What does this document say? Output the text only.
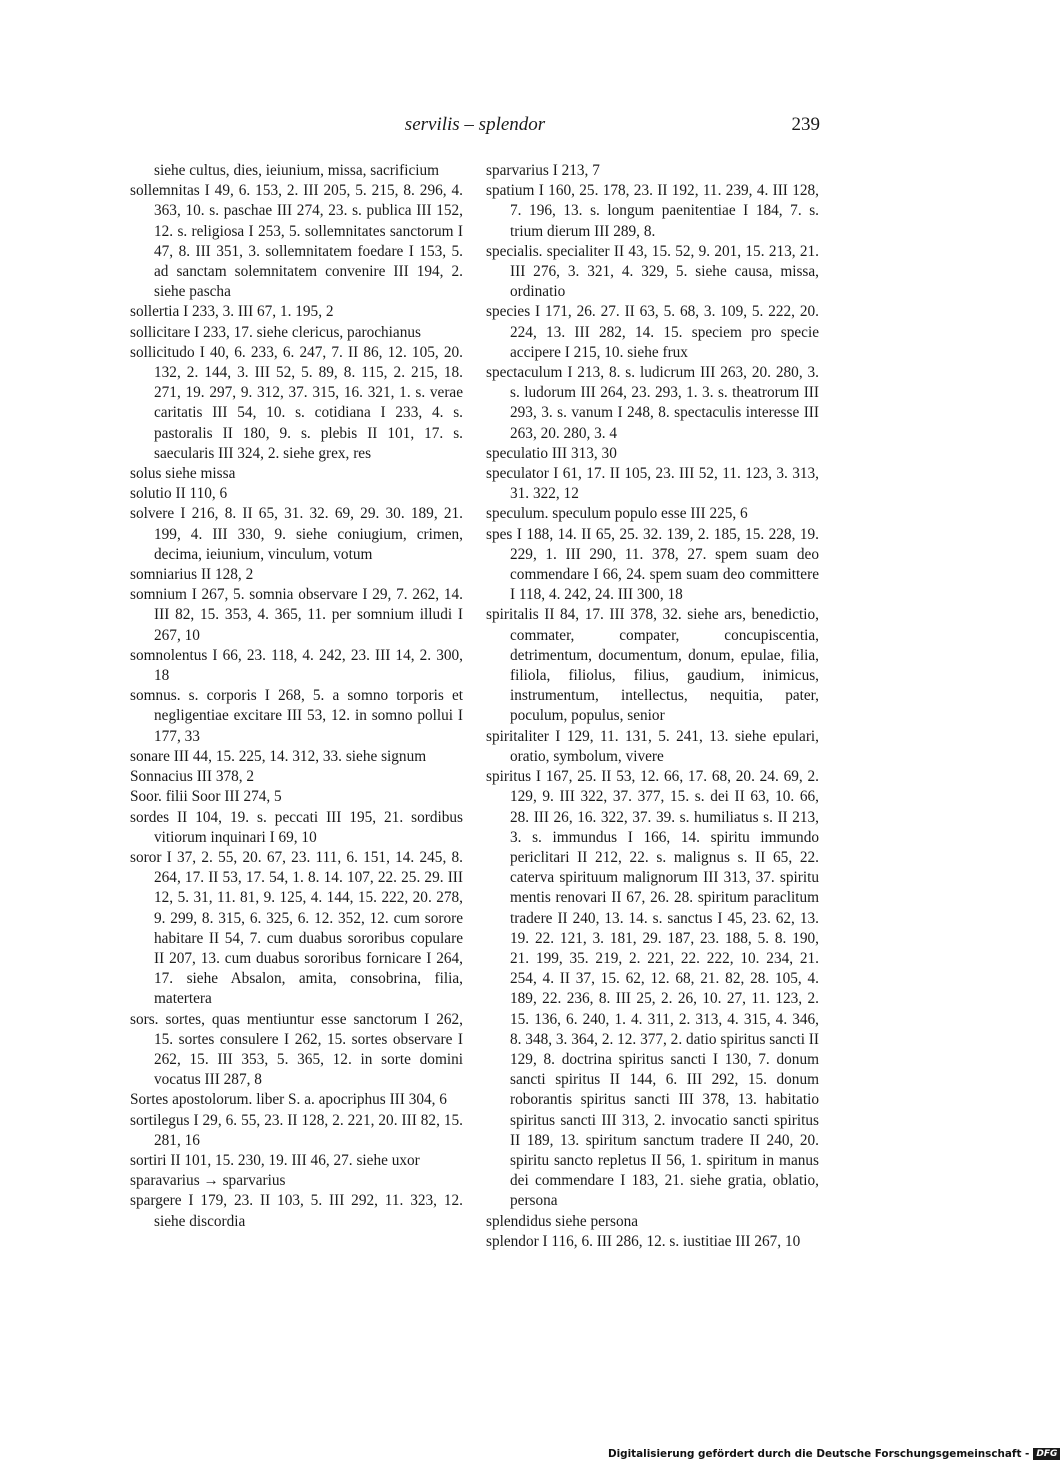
servilis – splendor	239
siehe cultus, dies, ieiunium, missa, sacrificium
sollemnitas I 49, 6. 153, 2. III 205, 5. 215, 8. 296, 4. 363, 10. s. paschae III 274, 23. s. publica III 152, 12. s. religiosa I 253, 5. sollemnitates sanctorum I 47, 8. III 351, 3. sollemnitatem foedare I 153, 5. ad sanctam solemnitatem convenire III 194, 2. siehe pascha
sollertia I 233, 3. III 67, 1. 195, 2
sollicitare I 233, 17. siehe clericus, parochianus
sollicitudo I 40, 6. 233, 6. 247, 7. II 86, 12. 105, 20. 132, 2. 144, 3. III 52, 5. 89, 8. 115, 2. 215, 18. 271, 19. 297, 9. 312, 37. 315, 16. 321, 1. s. verae caritatis III 54, 10. s. cotidiana I 233, 4. s. pastoralis II 180, 9. s. plebis II 101, 17. s. saecularis III 324, 2. siehe grex, res
solus siehe missa
solutio II 110, 6
solvere I 216, 8. II 65, 31. 32. 69, 29. 30. 189, 21. 199, 4. III 330, 9. siehe coniugium, crimen, decima, ieiunium, vinculum, votum
somniarius II 128, 2
somnium I 267, 5. somnia observare I 29, 7. 262, 14. III 82, 15. 353, 4. 365, 11. per somnium illudi I 267, 10
somnolentus I 66, 23. 118, 4. 242, 23. III 14, 2. 300, 18
somnus. s. corporis I 268, 5. a somno torporis et negligentiae excitare III 53, 12. in somno pollui I 177, 33
sonare III 44, 15. 225, 14. 312, 33. siehe signum
Sonnacius III 378, 2
Soor. filii Soor III 274, 5
sordes II 104, 19. s. peccati III 195, 21. sordibus vitiorum inquinari I 69, 10
soror I 37, 2. 55, 20. 67, 23. 111, 6. 151, 14. 245, 8. 264, 17. II 53, 17. 54, 1. 8. 14. 107, 22. 25. 29. III 12, 5. 31, 11. 81, 9. 125, 4. 144, 15. 222, 20. 278, 9. 299, 8. 315, 6. 325, 6. 12. 352, 12. cum sorore habitare II 54, 7. cum duabus sororibus copulare II 207, 13. cum duabus sororibus fornicare I 264, 17. siehe Absalon, amita, consobrina, filia, matertera
sors. sortes, quas mentiuntur esse sanctorum I 262, 15. sortes consulere I 262, 15. sortes observare I 262, 15. III 353, 5. 365, 12. in sorte domini vocatus III 287, 8
Sortes apostolorum. liber S. a. apocriphus III 304, 6
sortilegus I 29, 6. 55, 23. II 128, 2. 221, 20. III 82, 15. 281, 16
sortiri II 101, 15. 230, 19. III 46, 27. siehe uxor
sparavarius → sparvarius
spargere I 179, 23. II 103, 5. III 292, 11. 323, 12. siehe discordia
sparvarius I 213, 7
spatium I 160, 25. 178, 23. II 192, 11. 239, 4. III 128, 7. 196, 13. s. longum paenitentiae I 184, 7. s. trium dierum III 289, 8.
specialis. specialiter II 43, 15. 52, 9. 201, 15. 213, 21. III 276, 3. 321, 4. 329, 5. siehe causa, missa, ordinatio
species I 171, 26. 27. II 63, 5. 68, 3. 109, 5. 222, 20. 224, 13. III 282, 14. 15. speciem pro specie accipere I 215, 10. siehe frux
spectaculum I 213, 8. s. ludicrum III 263, 20. 280, 3. s. ludorum III 264, 23. 293, 1. 3. s. theatrorum III 293, 3. s. vanum I 248, 8. spectaculis interesse III 263, 20. 280, 3. 4
speculatio III 313, 30
speculator I 61, 17. II 105, 23. III 52, 11. 123, 3. 313, 31. 322, 12
speculum. speculum populo esse III 225, 6
spes I 188, 14. II 65, 25. 32. 139, 2. 185, 15. 228, 19. 229, 1. III 290, 11. 378, 27. spem suam deo commendare I 66, 24. spem suam deo committere I 118, 4. 242, 24. III 300, 18
spiritalis II 84, 17. III 378, 32. siehe ars, benedictio, commater, compater, concupiscentia, detrimentum, documentum, donum, epulae, filia, filiola, filiolus, filius, gaudium, inimicus, instrumentum, intellectus, nequitia, pater, poculum, populus, senior
spiritaliter I 129, 11. 131, 5. 241, 13. siehe epulari, oratio, symbolum, vivere
spiritus I 167, 25. II 53, 12. 66, 17. 68, 20. 24. 69, 2. 129, 9. III 322, 37. 377, 15. s. dei II 63, 10. 66, 28. III 26, 16. 322, 37. 39. s. humiliatus s. II 213, 3. s. immundus I 166, 14. spiritu immundo periclitari II 212, 22. s. malignus s. II 65, 22. caterva spirituum malignorum III 313, 37. spiritu mentis renovari II 67, 26. 28. spiritum paraclitum tradere II 240, 13. 14. s. sanctus I 45, 23. 62, 13. 19. 22. 121, 3. 181, 29. 187, 23. 188, 5. 8. 190, 21. 199, 35. 219, 2. 221, 22. 222, 10. 234, 21. 254, 4. II 37, 15. 62, 12. 68, 21. 82, 28. 105, 4. 189, 22. 236, 8. III 25, 2. 26, 10. 27, 11. 123, 2. 15. 136, 6. 240, 1. 4. 311, 2. 313, 4. 315, 4. 346, 8. 348, 3. 364, 2. 12. 377, 2. datio spiritus sancti II 129, 8. doctrina spiritus sancti I 130, 7. donum sancti spiritus II 144, 6. III 292, 15. donum roborantis spiritus sancti III 378, 13. habitatio spiritus sancti III 313, 2. invocatio sancti spiritus II 189, 13. spiritum sanctum tradere II 240, 20. spiritu sancto repletus II 56, 1. spiritum in manus dei commendare I 183, 21. siehe gratia, oblatio, persona
splendidus siehe persona
splendor I 116, 6. III 286, 12. s. iustitiae III 267, 10
Digitalisierung gefördert durch die Deutsche Forschungsgemeinschaft - DFG
